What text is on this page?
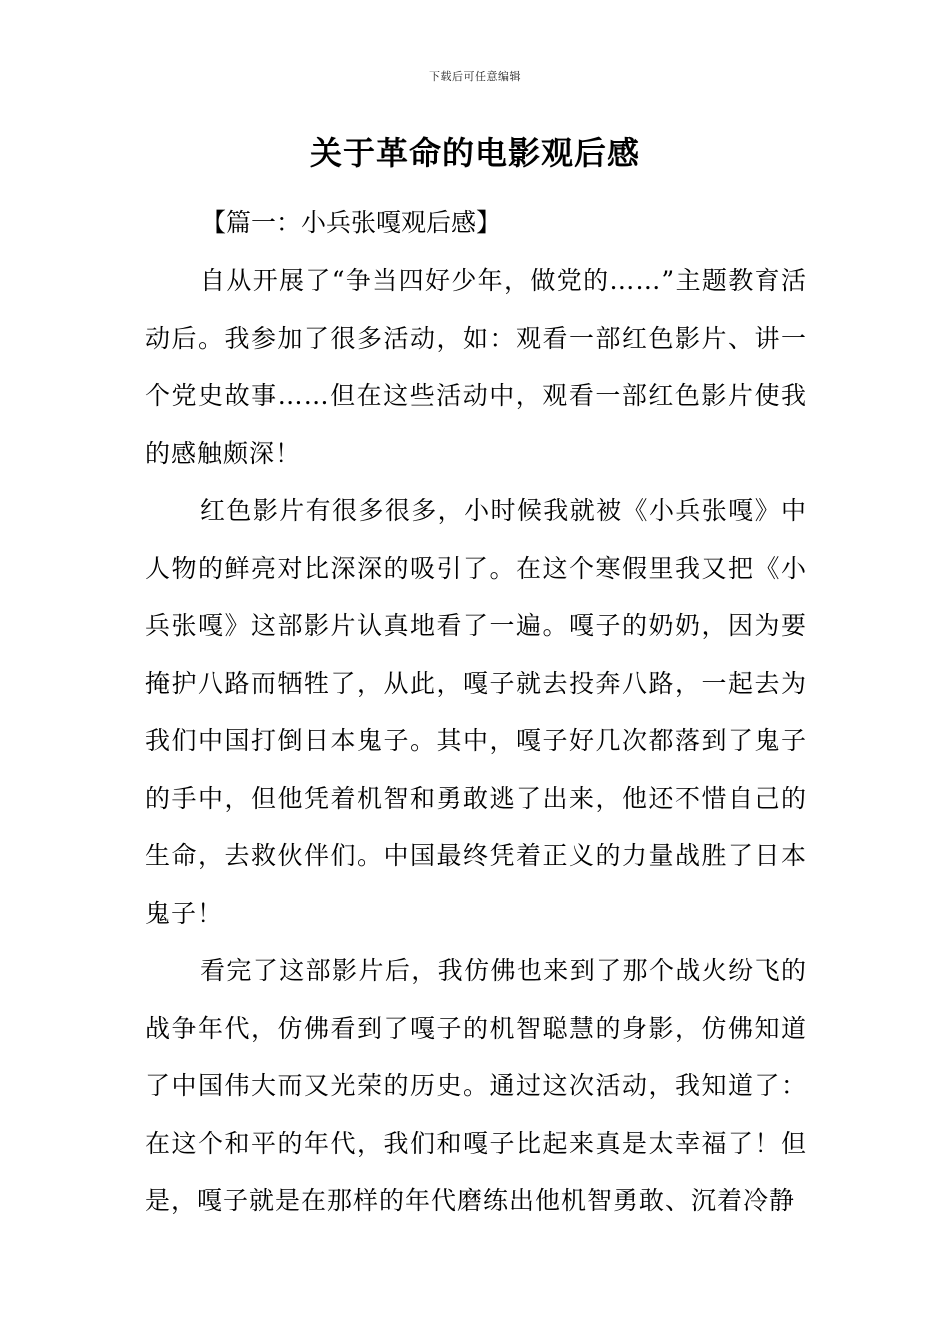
下载后可任意编辑
关于革命的电影观后感

【篇一：小兵张嘎观后感】

自从开展了“争当四好少年，做党的……”主题教育活动后。我参加了很多活动，如：观看一部红色影片、讲一个党史故事……但在这些活动中，观看一部红色影片使我的感触颇深！

红色影片有很多很多，小时候我就被《小兵张嘎》中人物的鲜亮对比深深的吸引了。在这个寒假里我又把《小兵张嘎》这部影片认真地看了一遍。嘎子的奶奶，因为要掩护八路而牺牲了，从此，嘎子就去投奔八路，一起去为我们中国打倒日本鬼子。其中，嘎子好几次都落到了鬼子的手中，但他凭着机智和勇敢逃了出来，他还不惜自己的生命，去救伙伴们。中国最终凭着正义的力量战胜了日本鬼子！

看完了这部影片后，我仿佛也来到了那个战火纷飞的战争年代，仿佛看到了嘎子的机智聪慧的身影，仿佛知道了中国伟大而又光荣的历史。通过这次活动，我知道了：在这个和平的年代，我们和嘎子比起来真是太幸福了！但是，嘎子就是在那样的年代磨练出他机智勇敢、沉着冷静
